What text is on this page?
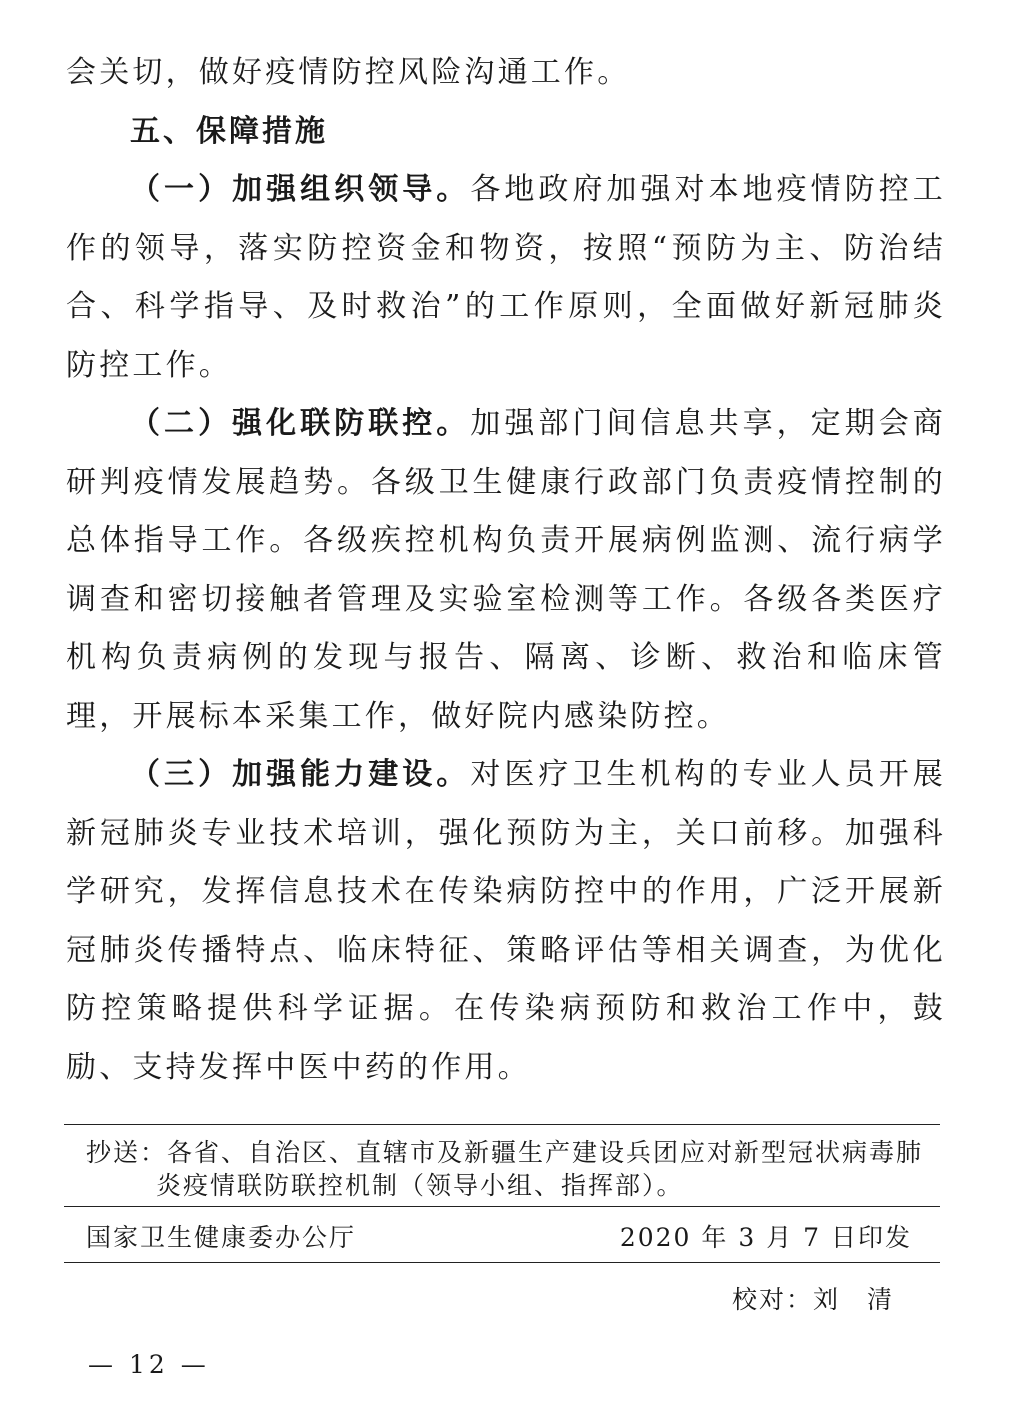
会关切，做好疫情防控风险沟通工作。

五、保障措施

（一）加强组织领导。各地政府加强对本地疫情防控工作的领导，落实防控资金和物资，按照“预防为主、防治结合、科学指导、及时救治”的工作原则，全面做好新冠肺炎防控工作。

（二）强化联防联控。加强部门间信息共享，定期会商研判疫情发展趋势。各级卫生健康行政部门负责疫情控制的总体指导工作。各级疾控机构负责开展病例监测、流行病学调查和密切接触者管理及实验室检测等工作。各级各类医疗机构负责病例的发现与报告、隔离、诊断、救治和临床管理，开展标本采集工作，做好院内感染防控。

（三）加强能力建设。对医疗卫生机构的专业人员开展新冠肺炎专业技术培训，强化预防为主，关口前移。加强科学研究，发挥信息技术在传染病防控中的作用，广泛开展新冠肺炎传播特点、临床特征、策略评估等相关调查，为优化防控策略提供科学证据。在传染病预防和救治工作中，鼓励、支持发挥中医中药的作用。

抄送：各省、自治区、直辖市及新疆生产建设兵团应对新型冠状病毒肺
炎疫情联防联控机制（领导小组、指挥部）。
国家卫生健康委办公厅	2020 年 3 月 7 日印发
校对：刘　清
— 12 —
